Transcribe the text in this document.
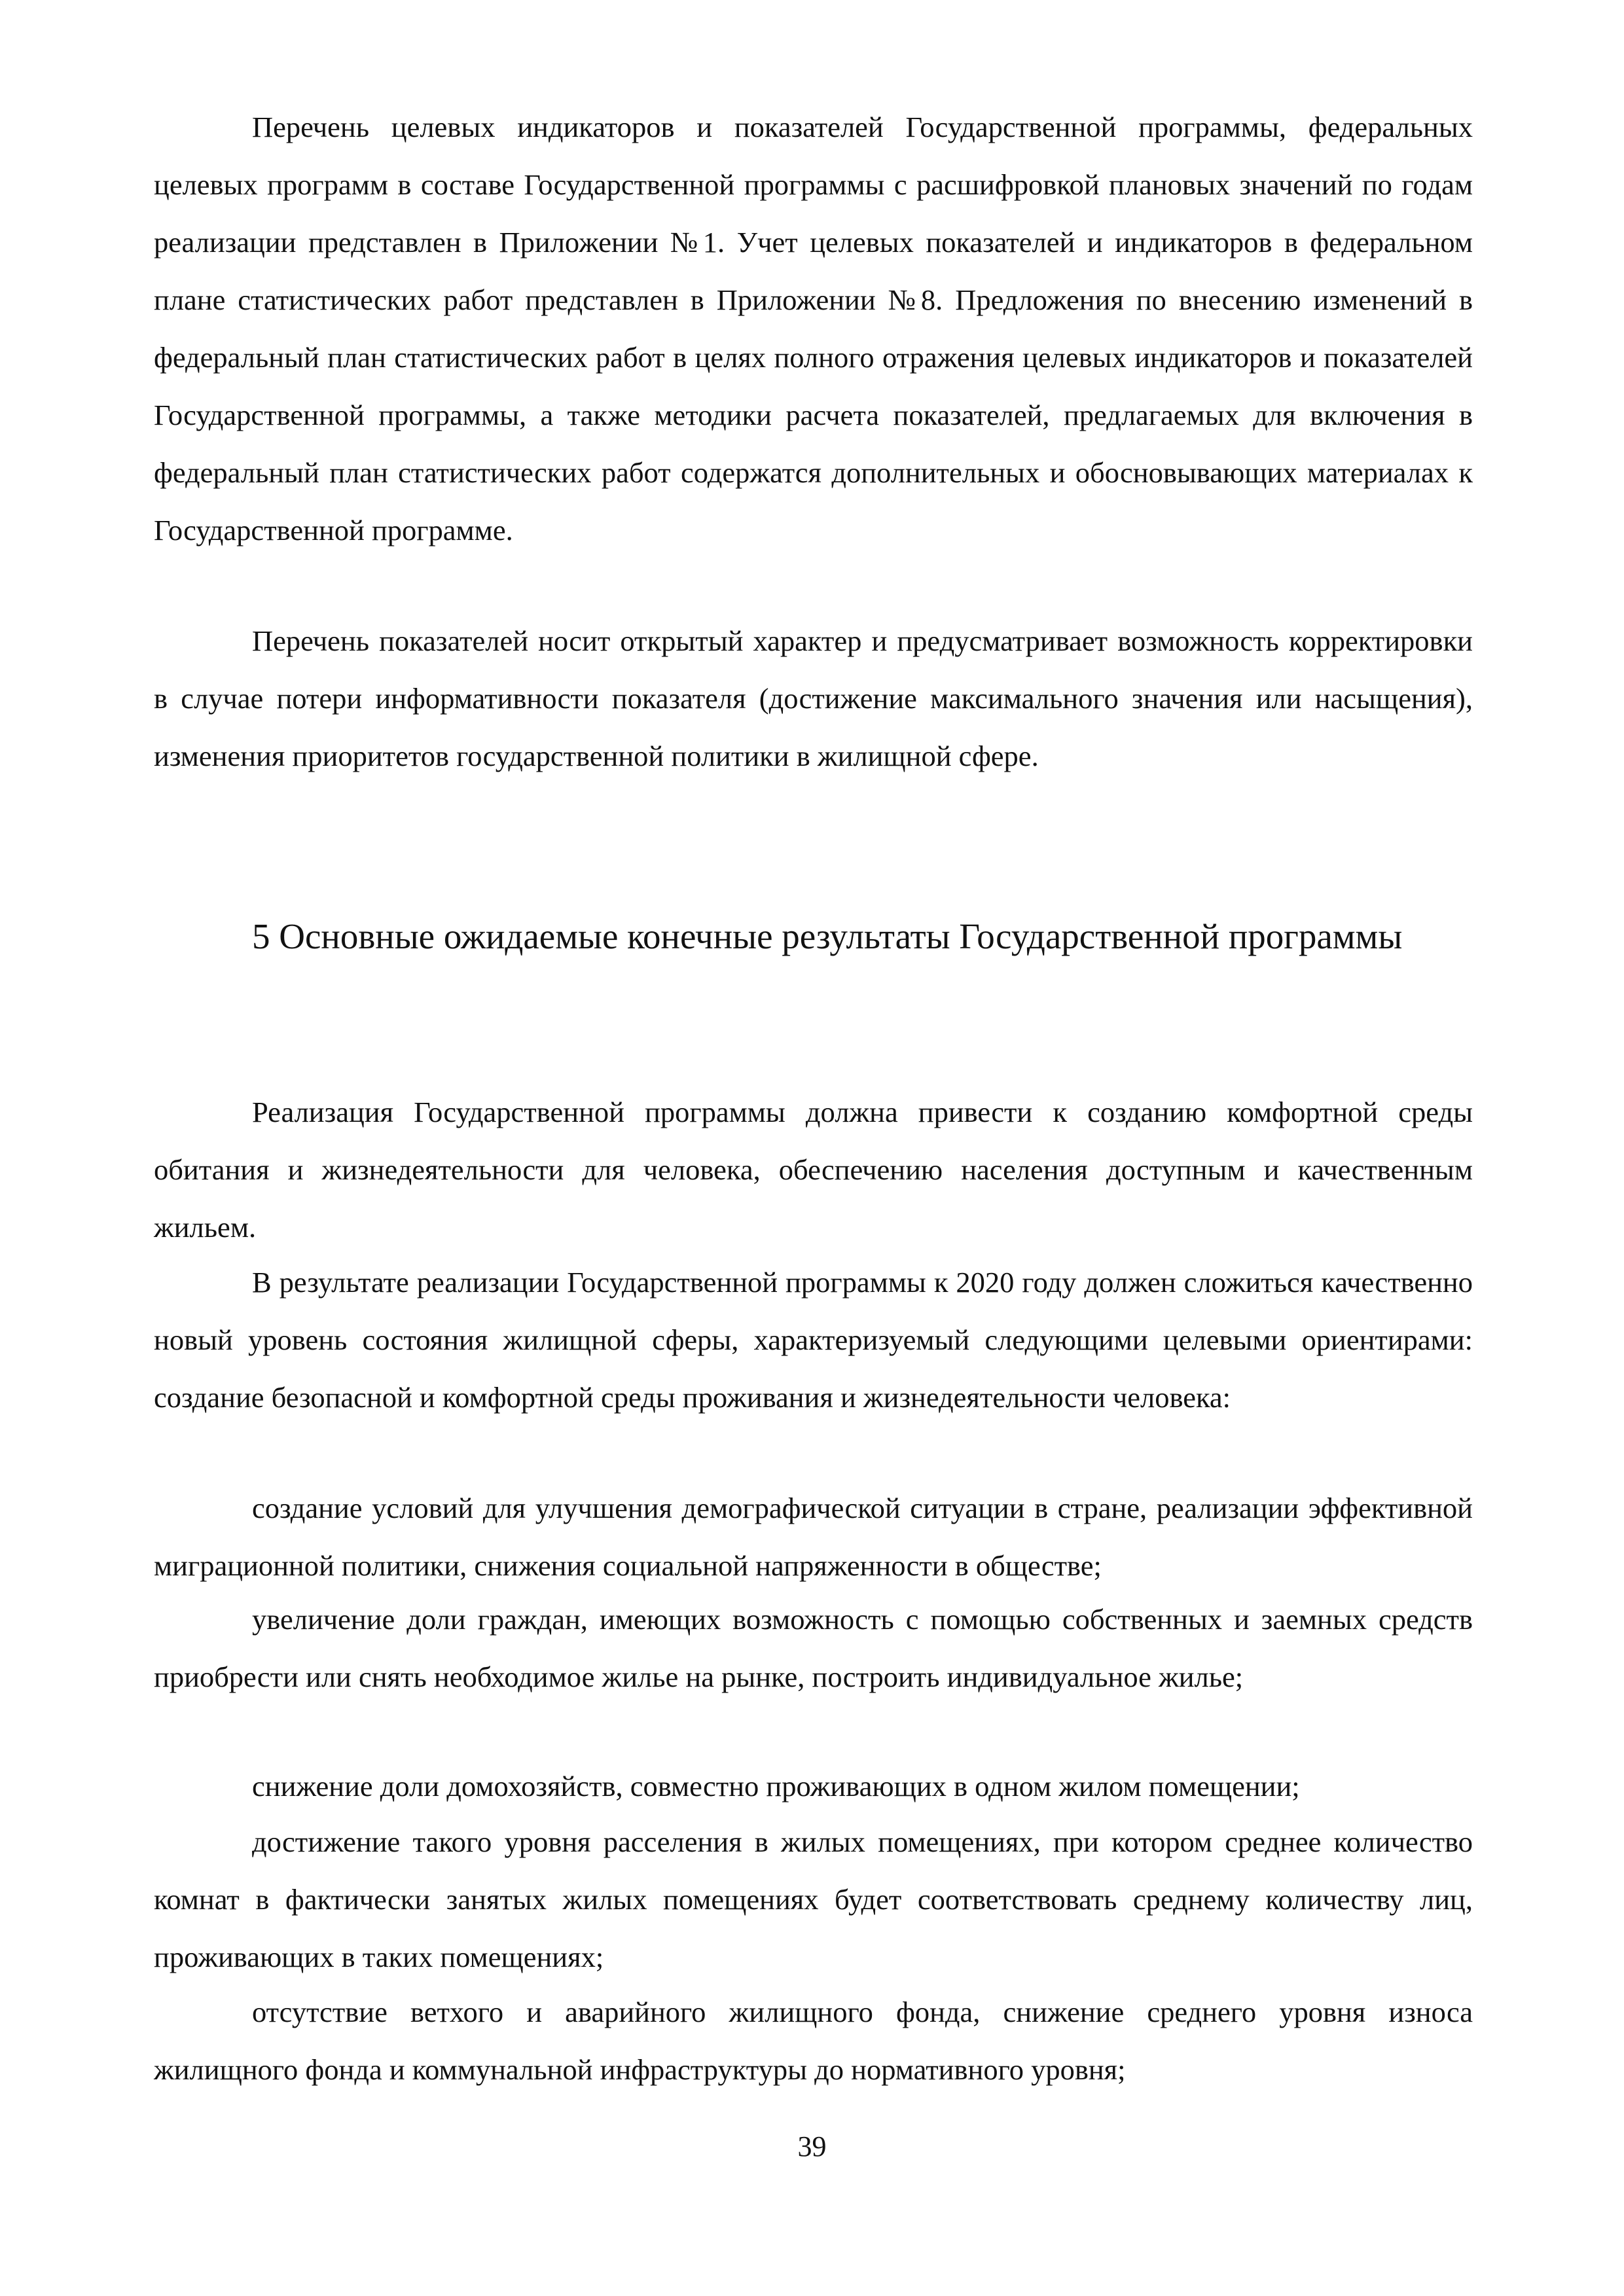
Перечень целевых индикаторов и показателей Государственной программы, федеральных целевых программ в составе Государственной программы с расшифровкой плановых значений по годам реализации представлен в Приложении №1. Учет целевых показателей и индикаторов в федеральном плане статистических работ представлен в Приложении №8. Предложения по внесению изменений в федеральный план статистических работ в целях полного отражения целевых индикаторов и показателей Государственной программы, а также методики расчета показателей, предлагаемых для включения в федеральный план статистических работ содержатся дополнительных и обосновывающих материалах к Государственной программе.

Перечень показателей носит открытый характер и предусматривает возможность корректировки в случае потери информативности показателя (достижение максимального значения или насыщения), изменения приоритетов государственной политики в жилищной сфере.

5 Основные ожидаемые конечные результаты Государственной программы

Реализация Государственной программы должна привести к созданию комфортной среды обитания и жизнедеятельности для человека, обеспечению населения доступным и качественным жильем.

В результате реализации Государственной программы к 2020 году должен сложиться качественно новый уровень состояния жилищной сферы, характеризуемый следующими целевыми ориентирами: создание безопасной и комфортной среды проживания и жизнедеятельности человека:

создание условий для улучшения демографической ситуации в стране, реализации эффективной миграционной политики, снижения социальной напряженности в обществе;

увеличение доли граждан, имеющих возможность с помощью собственных и заемных средств приобрести или снять необходимое жилье на рынке, построить индивидуальное жилье;

снижение доли домохозяйств, совместно проживающих в одном жилом помещении;

достижение такого уровня расселения в жилых помещениях, при котором среднее количество комнат в фактически занятых жилых помещениях будет соответствовать среднему количеству лиц, проживающих в таких помещениях;

отсутствие ветхого и аварийного жилищного фонда, снижение среднего уровня износа жилищного фонда и коммунальной инфраструктуры до нормативного уровня;

39
